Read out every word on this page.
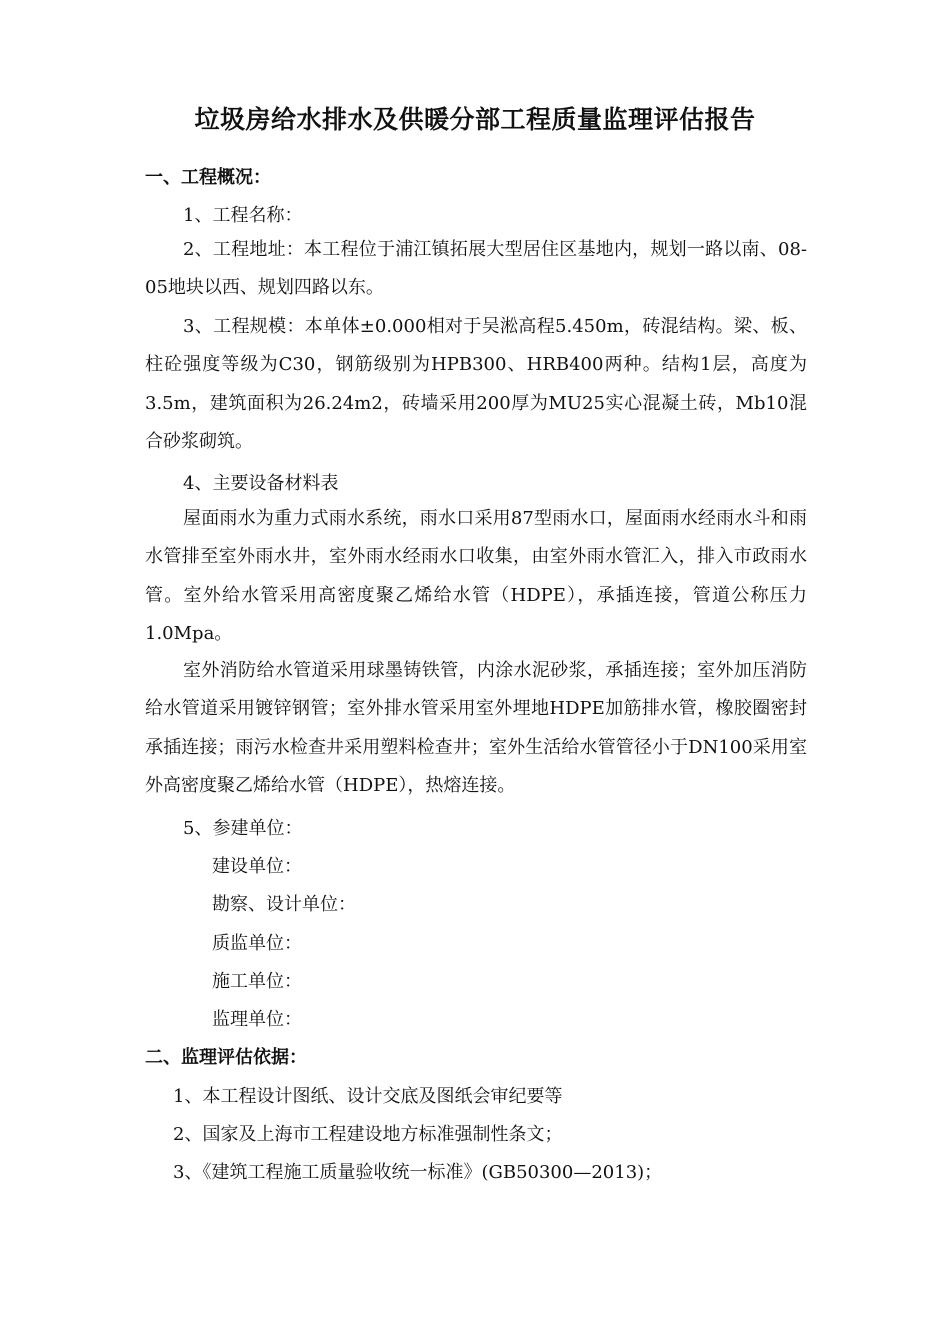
垃圾房给水排水及供暖分部工程质量监理评估报告
一、工程概况：
1、工程名称：
2、工程地址：本工程位于浦江镇拓展大型居住区基地内，规划一路以南、08-05地块以西、规划四路以东。
3、工程规模：本单体±0.000相对于吴淞高程5.450m，砖混结构。梁、板、柱砼强度等级为C30，钢筋级别为HPB300、HRB400两种。结构1层，高度为3.5m，建筑面积为26.24m2，砖墙采用200厚为MU25实心混凝土砖，Mb10混合砂浆砌筑。
4、主要设备材料表
屋面雨水为重力式雨水系统，雨水口采用87型雨水口，屋面雨水经雨水斗和雨水管排至室外雨水井，室外雨水经雨水口收集，由室外雨水管汇入，排入市政雨水管。室外给水管采用高密度聚乙烯给水管（HDPE），承插连接，管道公称压力1.0Mpa。
室外消防给水管道采用球墨铸铁管，内涂水泥砂浆，承插连接；室外加压消防给水管道采用镀锌钢管；室外排水管采用室外埋地HDPE加筋排水管，橡胶圈密封承插连接；雨污水检查井采用塑料检查井；室外生活给水管管径小于DN100采用室外高密度聚乙烯给水管（HDPE），热熔连接。
5、参建单位：
建设单位：
勘察、设计单位：
质监单位：
施工单位：
监理单位：
二、监理评估依据：
1、本工程设计图纸、设计交底及图纸会审纪要等
2、国家及上海市工程建设地方标准强制性条文；
3、《建筑工程施工质量验收统一标准》(GB50300—2013)；
